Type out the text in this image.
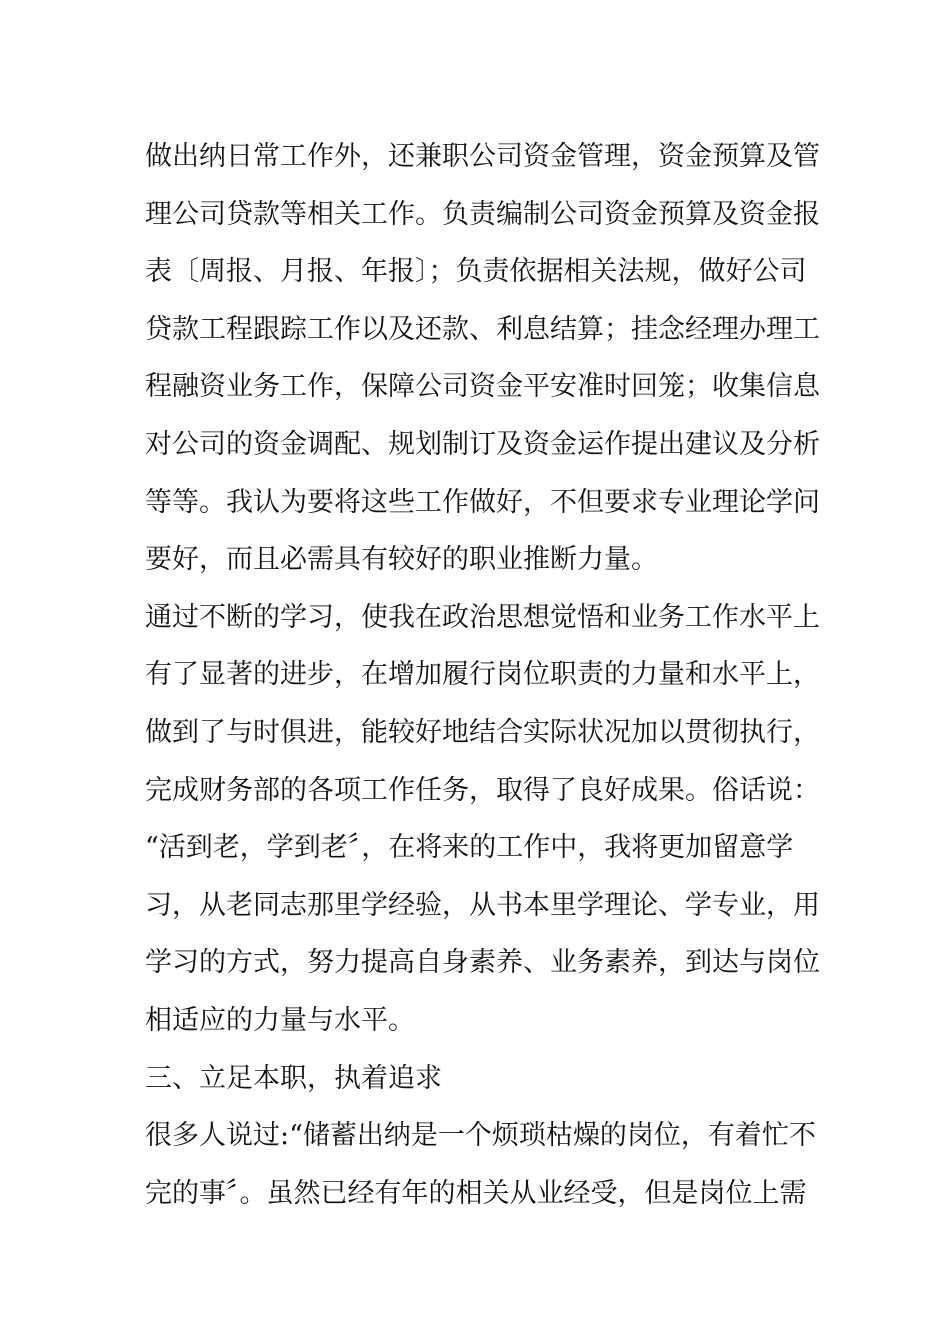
做出纳日常工作外，还兼职公司资金管理，资金预算及管
理公司贷款等相关工作。负责编制公司资金预算及资金报
表〔周报、月报、年报〕；负责依据相关法规，做好公司
贷款工程跟踪工作以及还款、利息结算；挂念经理办理工
程融资业务工作，保障公司资金平安准时回笼；收集信息
对公司的资金调配、规划制订及资金运作提出建议及分析
等等。我认为要将这些工作做好，不但要求专业理论学问
要好，而且必需具有较好的职业推断力量。
通过不断的学习，使我在政治思想觉悟和业务工作水平上
有了显著的进步，在增加履行岗位职责的力量和水平上，
做到了与时俱进，能较好地结合实际状况加以贯彻执行，
完成财务部的各项工作任务，取得了良好成果。俗话说：
“活到老，学到老〞，在将来的工作中，我将更加留意学
习，从老同志那里学经验，从书本里学理论、学专业，用
学习的方式，努力提高自身素养、业务素养，到达与岗位
相适应的力量与水平。
三、立足本职，执着追求
很多人说过:“储蓄出纳是一个烦琐枯燥的岗位，有着忙不
完的事〞。虽然已经有年的相关从业经受，但是岗位上需
